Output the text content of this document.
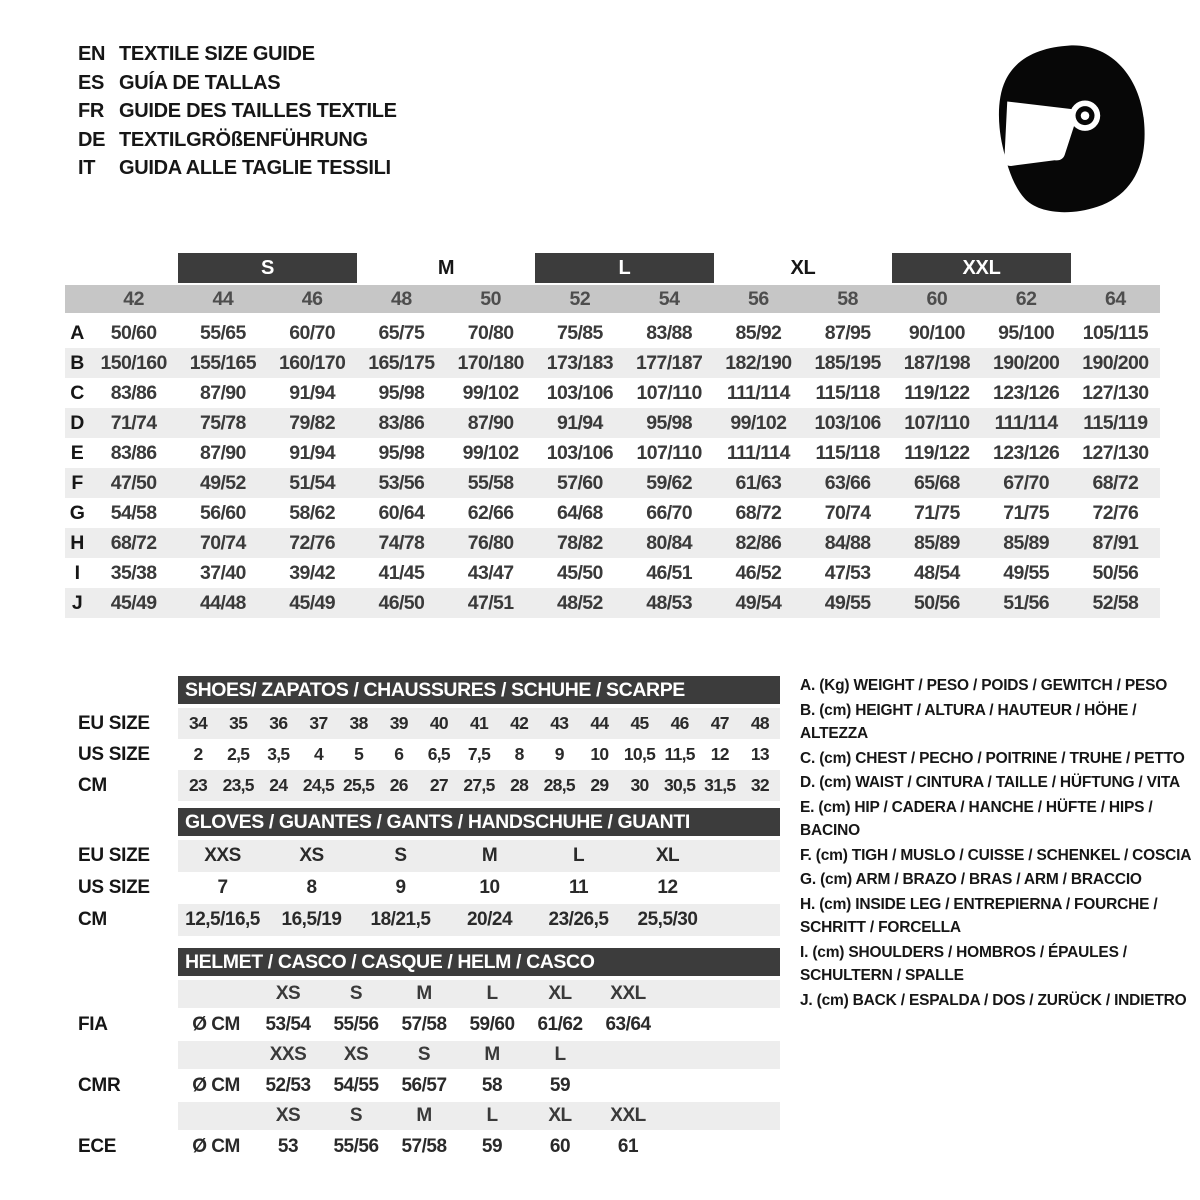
EN TEXTILE SIZE GUIDE
ES GUÍA DE TALLAS
FR GUIDE DES TAILLES TEXTILE
DE TEXTILGRÖßENFÜHRUNG
IT	GUIDA ALLE TAGLIE TESSILI
S	M	L	XL	XXL
42	44	46	48	50	52	54	56	58	60	62	64
A	50/60	55/65	60/70	65/75	70/80	75/85	83/88	85/92	87/95	90/100	95/100	105/115
B 150/160	155/165	160/170	165/175	170/180	173/183	177/187	182/190	185/195	187/198	190/200	190/200
C	83/86	87/90	91/94	95/98	99/102	103/106	107/110	111/114	115/118	119/122	123/126	127/130
D	71/74	75/78	79/82	83/86	87/90	91/94	95/98	99/102	103/106	107/110	111/114	115/119
E	83/86	87/90	91/94	95/98	99/102	103/106	107/110	111/114	115/118	119/122	123/126	127/130
F	47/50	49/52	51/54	53/56	55/58	57/60	59/62	61/63	63/66	65/68	67/70	68/72
G	54/58	56/60	58/62	60/64	62/66	64/68	66/70	68/72	70/74	71/75	71/75	72/76
H	68/72	70/74	72/76	74/78	76/80	78/82	80/84	82/86	84/88	85/89	85/89	87/91
I	35/38	37/40	39/42	41/45	43/47	45/50	46/51	46/52	47/53	48/54	49/55	50/56
J	45/49	44/48	45/49	46/50	47/51	48/52	48/53	49/54	49/55	50/56	51/56	52/58
SHOES/ ZAPATOS / CHAUSSURES / SCHUHE / SCARPE
EU SIZE	34	35	36	37	38	39	40	41	42	43	44	45	46	47	48
US SIZE	2	2,5	3,5	4	5	6	6,5	7,5	8	9	10 10,5 11,5 12	13
CM	23 23,5 24 24,5 25,5 26	27 27,5 28 28,5 29	30 30,5 31,5 32
GLOVES / GUANTES / GANTS / HANDSCHUHE / GUANTI
EU SIZE	XXS	XS	S	M	L	XL
US SIZE	7	8	9	10	11	12
CM	12,5/16,5	16,5/19	18/21,5	20/24	23/26,5	25,5/30
HELMET / CASCO / CASQUE / HELM / CASCO
XS	S	M	L	XL	XXL
FIA	Ø CM	53/54	55/56	57/58	59/60	61/62	63/64
XXS	XS	S	M	L
CMR	Ø CM	52/53	54/55	56/57	58	59
XS	S	M	L	XL	XXL
ECE	Ø CM	53	55/56	57/58	59	60	61
A. (Kg) WEIGHT / PESO / POIDS / GEWITCH / PESO
B. (cm) HEIGHT / ALTURA / HAUTEUR / HÖHE / ALTEZZA
C. (cm) CHEST / PECHO / POITRINE / TRUHE / PETTO
D. (cm) WAIST / CINTURA / TAILLE / HÜFTUNG / VITA
E. (cm) HIP / CADERA / HANCHE / HÜFTE / HIPS / BACINO
F. (cm) TIGH / MUSLO / CUISSE / SCHENKEL / COSCIA
G. (cm) ARM / BRAZO / BRAS / ARM / BRACCIO
H. (cm) INSIDE LEG / ENTREPIERNA / FOURCHE / SCHRITT / FORCELLA
I. (cm) SHOULDERS / HOMBROS / ÉPAULES / SCHULTERN / SPALLE
J. (cm) BACK / ESPALDA / DOS / ZURÜCK / INDIETRO
